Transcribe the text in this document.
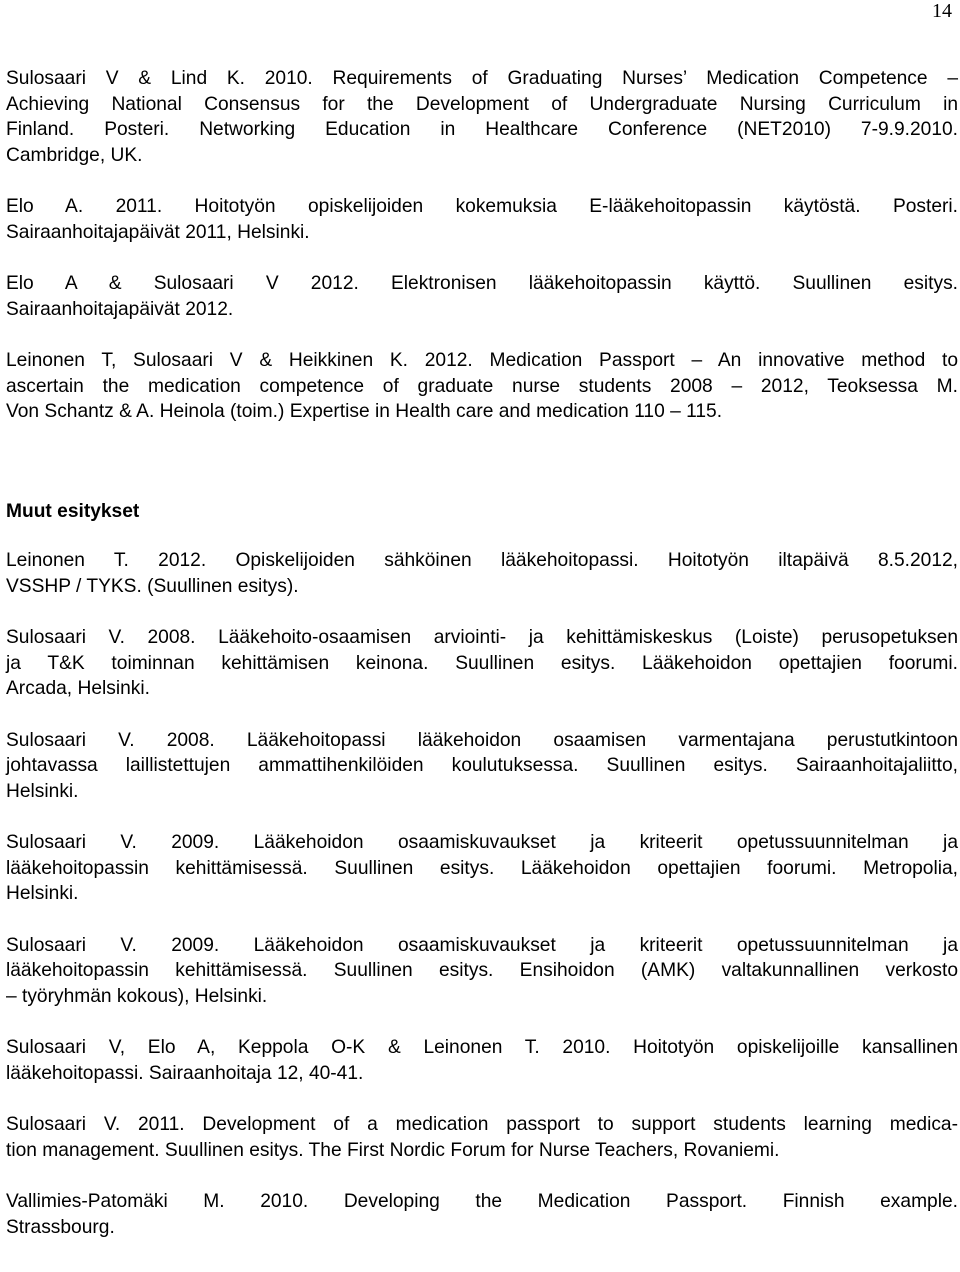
14
Sulosaari V & Lind K. 2010. Requirements of Graduating Nurses’ Medication Competence –
Achieving National Consensus for the Development of Undergraduate Nursing Curriculum in
Finland. Posteri. Networking Education in Healthcare Conference (NET2010) 7-9.9.2010.
Cambridge, UK.
Elo A. 2011. Hoitotyön opiskelijoiden kokemuksia E-lääkehoitopassin käytöstä. Posteri.
Sairaanhoitajapäivät 2011, Helsinki.
Elo A & Sulosaari V 2012. Elektronisen lääkehoitopassin käyttö. Suullinen esitys.
Sairaanhoitajapäivät 2012.
Leinonen T, Sulosaari V & Heikkinen K. 2012. Medication Passport – An innovative method to
ascertain the medication competence of graduate nurse students 2008 – 2012, Teoksessa M.
Von Schantz & A. Heinola (toim.) Expertise in Health care and medication 110 – 115.
Muut esitykset
Leinonen T. 2012. Opiskelijoiden sähköinen lääkehoitopassi. Hoitotyön iltapäivä 8.5.2012,
VSSHP / TYKS. (Suullinen esitys).
Sulosaari V. 2008. Lääkehoito-osaamisen arviointi- ja kehittämiskeskus (Loiste) perusopetuksen
ja T&K toiminnan kehittämisen keinona. Suullinen esitys. Lääkehoidon opettajien foorumi.
Arcada, Helsinki.
Sulosaari V. 2008. Lääkehoitopassi lääkehoidon osaamisen varmentajana perustutkintoon
johtavassa laillistettujen ammattihenkilöiden koulutuksessa. Suullinen esitys. Sairaanhoitajaliitto,
Helsinki.
Sulosaari V. 2009. Lääkehoidon osaamiskuvaukset ja kriteerit opetussuunnitelman ja
lääkehoitopassin kehittämisessä. Suullinen esitys. Lääkehoidon opettajien foorumi. Metropolia,
Helsinki.
Sulosaari V. 2009. Lääkehoidon osaamiskuvaukset ja kriteerit opetussuunnitelman ja
lääkehoitopassin kehittämisessä. Suullinen esitys. Ensihoidon (AMK) valtakunnallinen verkosto
– työryhmän kokous), Helsinki.
Sulosaari V, Elo A, Keppola O-K & Leinonen T. 2010. Hoitotyön opiskelijoille kansallinen
lääkehoitopassi. Sairaanhoitaja 12, 40-41.
Sulosaari V. 2011. Development of a medication passport to support students learning medica-
tion management. Suullinen esitys. The First Nordic Forum for Nurse Teachers, Rovaniemi.
Vallimies-Patomäki M. 2010. Developing the Medication Passport. Finnish example.
Strassbourg.
